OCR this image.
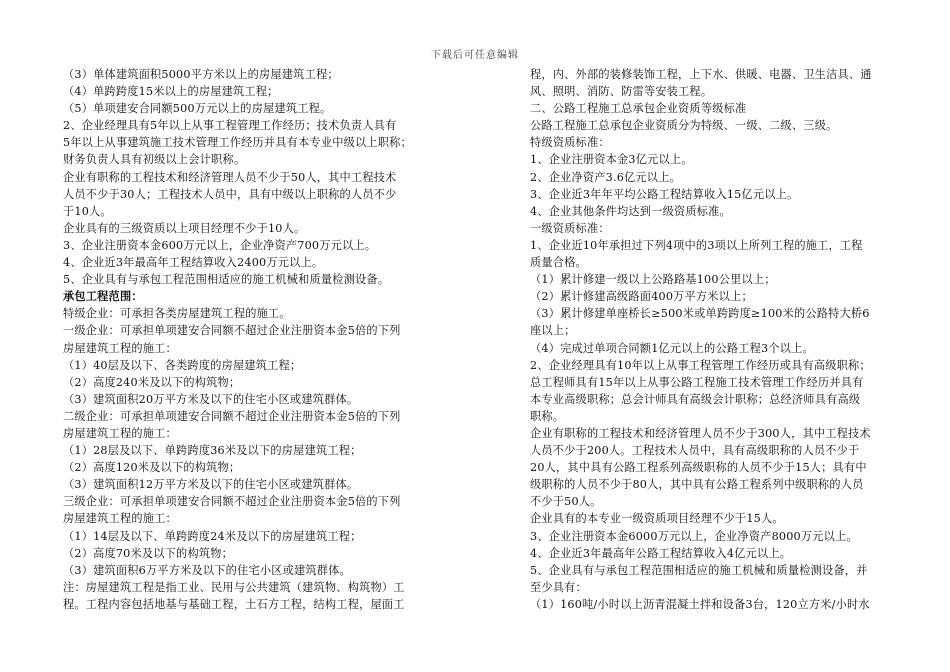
下载后可任意编辑
（3）单体建筑面积5000平方米以上的房屋建筑工程；
（4）单跨跨度15米以上的房屋建筑工程；
（5）单项建安合同额500万元以上的房屋建筑工程。
2、企业经理具有5年以上从事工程管理工作经历；技术负责人具有
5年以上从事建筑施工技术管理工作经历并具有本专业中级以上职称；
财务负责人具有初级以上会计职称。
企业有职称的工程技术和经济管理人员不少于50人，其中工程技术
人员不少于30人；工程技术人员中，具有中级以上职称的人员不少
于10人。
企业具有的三级资质以上项目经理不少于10人。
3、企业注册资本金600万元以上，企业净资产700万元以上。
4、企业近3年最高年工程结算收入2400万元以上。
5、企业具有与承包工程范围相适应的施工机械和质量检测设备。
承包工程范围：
特级企业：可承担各类房屋建筑工程的施工。
一级企业：可承担单项建安合同额不超过企业注册资本金5倍的下列
房屋建筑工程的施工：
（1）40层及以下、各类跨度的房屋建筑工程；
（2）高度240米及以下的构筑物；
（3）建筑面积20万平方米及以下的住宅小区或建筑群体。
二级企业：可承担单项建安合同额不超过企业注册资本金5倍的下列
房屋建筑工程的施工：
（1）28层及以下、单跨跨度36米及以下的房屋建筑工程；
（2）高度120米及以下的构筑物；
（3）建筑面积12万平方米及以下的住宅小区或建筑群体。
三级企业：可承担单项建安合同额不超过企业注册资本金5倍的下列
房屋建筑工程的施工：
（1）14层及以下、单跨跨度24米及以下的房屋建筑工程；
（2）高度70米及以下的构筑物；
（3）建筑面积6万平方米及以下的住宅小区或建筑群体。
注：房屋建筑工程是指工业、民用与公共建筑（建筑物、构筑物）工
程。工程内容包括地基与基础工程，土石方工程，结构工程，屋面工
程，内、外部的装修装饰工程，上下水、供暖、电器、卫生洁具、通
风、照明、消防、防雷等安装工程。
二、公路工程施工总承包企业资质等级标准
公路工程施工总承包企业资质分为特级、一级、二级、三级。
特级资质标准：
1、企业注册资本金3亿元以上。
2、企业净资产3.6亿元以上。
3、企业近3年年平均公路工程结算收入15亿元以上。
4、企业其他条件均达到一级资质标准。
一级资质标准：
1、企业近10年承担过下列4项中的3项以上所列工程的施工，工程
质量合格。
（1）累计修建一级以上公路路基100公里以上；
（2）累计修建高级路面400万平方米以上；
（3）累计修建单座桥长≥500米或单跨跨度≥100米的公路特大桥6
座以上；
（4）完成过单项合同额1亿元以上的公路工程3个以上。
2、企业经理具有10年以上从事工程管理工作经历或具有高级职称；
总工程师具有15年以上从事公路工程施工技术管理工作经历并具有
本专业高级职称；总会计师具有高级会计职称；总经济师具有高级
职称。
企业有职称的工程技术和经济管理人员不少于300人，其中工程技术
人员不少于200人。工程技术人员中，具有高级职称的人员不少于
20人，其中具有公路工程系列高级职称的人员不少于15人；具有中
级职称的人员不少于80人，其中具有公路工程系列中级职称的人员
不少于50人。
企业具有的本专业一级资质项目经理不少于15人。
3、企业注册资本金6000万元以上，企业净资产8000万元以上。
4、企业近3年最高年公路工程结算收入4亿元以上。
5、企业具有与承包工程范围相适应的施工机械和质量检测设备，并
至少具有：
（1）160吨/小时以上沥青混凝土拌和设备3台，120立方米/小时水
